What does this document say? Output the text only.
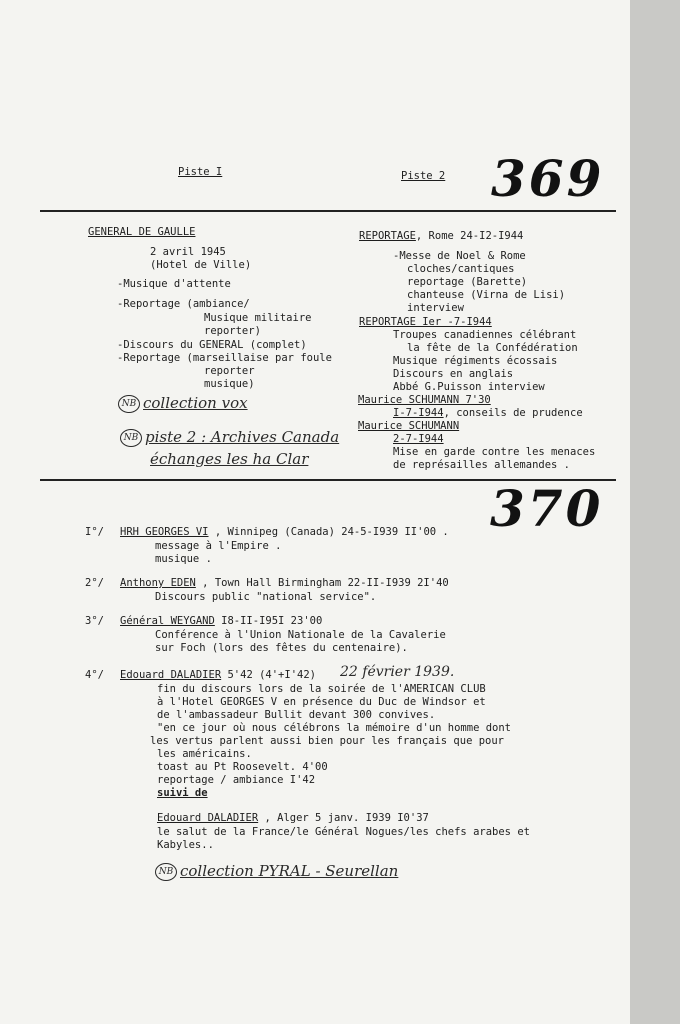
Piste I	Piste 2 369
GENERAL DE GAULLE
2 avril 1945
(Hotel de Ville)
-Musique d'attente
-Reportage (ambiance/
Musique militaire
reporter)
-Discours du GENERAL (complet)
-Reportage (marseillaise par foule
reporter
musique)
NB collection vox
NB piste 2 : Archives Canada
échanges les ha Clar
REPORTAGE, Rome 24-I2-I944
-Messe de Noel & Rome
cloches/cantiques
reportage (Barette)
chanteuse (Virna de Lisi)
interview
REPORTAGE Ier -7-I944
Troupes canadiennes célébrant
la fête de la Confédération
Musique régiments écossais
Discours en anglais
Abbé G.Puisson interview
Maurice SCHUMANN 7'30
I-7-I944, conseils de prudence
Maurice SCHUMANN
2-7-I944
Mise en garde contre les menaces
de représailles allemandes .
370
I°/ HRH GEORGES VI , Winnipeg (Canada) 24-5-I939 II'00 .
message à l'Empire .
musique .
2°/ Anthony EDEN , Town Hall Birmingham 22-II-I939 2I'40
Discours public "national service".
3°/ Général WEYGAND I8-II-I95I 23'00
Conférence à l'Union Nationale de la Cavalerie
sur Foch (lors des fêtes du centenaire).
4°/ Edouard DALADIER 5'42 (4'+I'42) 22 février 1939.
fin du discours lors de la soirée de l'AMERICAN CLUB
à l'Hotel GEORGES V en présence du Duc de Windsor et
de l'ambassadeur Bullit devant 300 convives.
"en ce jour où nous célébrons la mémoire d'un homme dont
les vertus parlent aussi bien pour les français que pour
les américains.
toast au Pt Roosevelt. 4'00
reportage / ambiance I'42
suivi de
Edouard DALADIER , Alger 5 janv. I939 I0'37
le salut de la France/le Général Nogues/les chefs arabes et
Kabyles..
NB collection PYRAL - Seurellan
